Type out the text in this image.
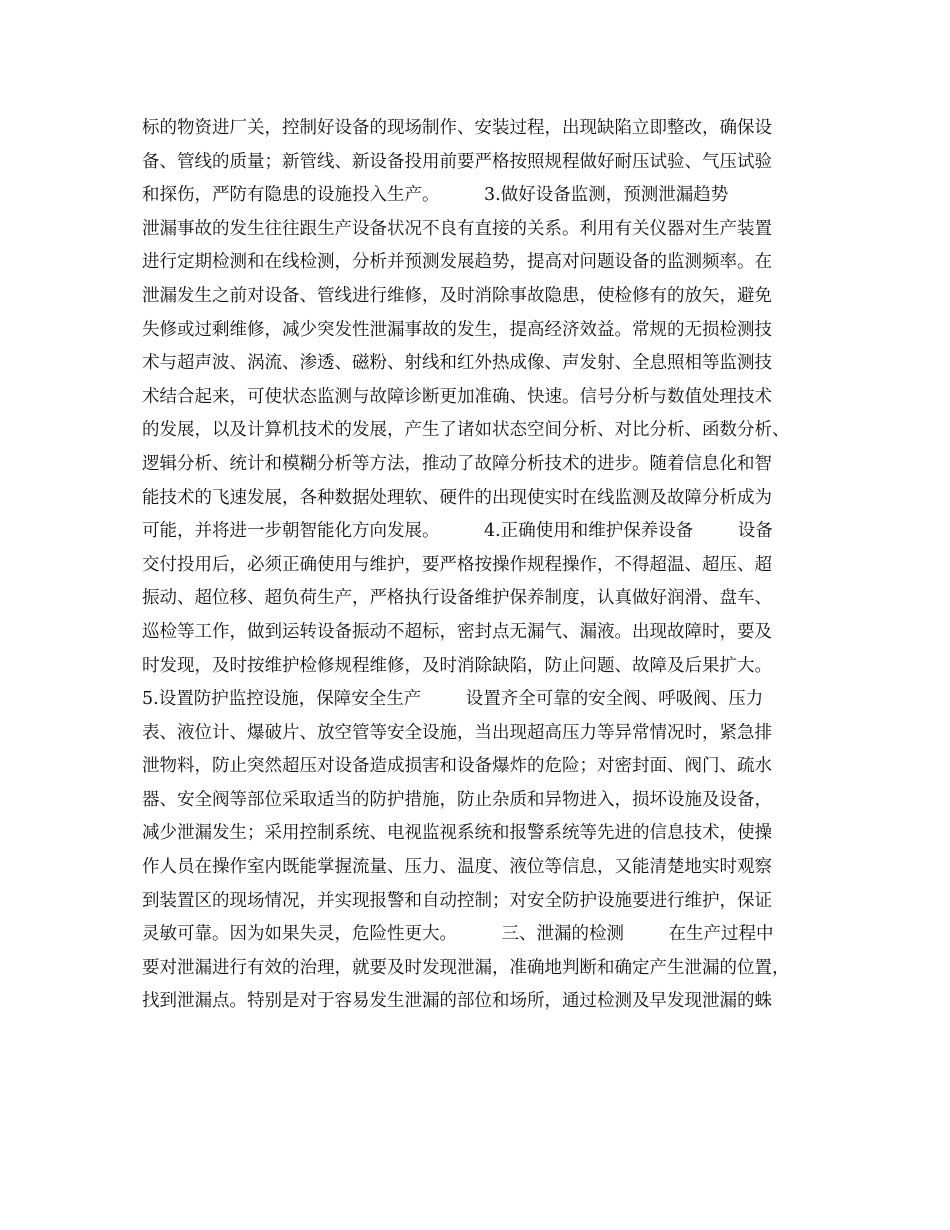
标的物资进厂关，控制好设备的现场制作、安装过程，出现缺陷立即整改，确保设
备、管线的质量；新管线、新设备投用前要严格按照规程做好耐压试验、气压试验
和探伤，严防有隐患的设施投入生产。        3.做好设备监测，预测泄漏趋势
泄漏事故的发生往往跟生产设备状况不良有直接的关系。利用有关仪器对生产装置
进行定期检测和在线检测，分析并预测发展趋势，提高对问题设备的监测频率。在
泄漏发生之前对设备、管线进行维修，及时消除事故隐患，使检修有的放矢，避免
失修或过剩维修，减少突发性泄漏事故的发生，提高经济效益。常规的无损检测技
术与超声波、涡流、渗透、磁粉、射线和红外热成像、声发射、全息照相等监测技
术结合起来，可使状态监测与故障诊断更加准确、快速。信号分析与数值处理技术
的发展，以及计算机技术的发展，产生了诸如状态空间分析、对比分析、函数分析、
逻辑分析、统计和模糊分析等方法，推动了故障分析技术的进步。随着信息化和智
能技术的飞速发展，各种数据处理软、硬件的出现使实时在线监测及故障分析成为
可能，并将进一步朝智能化方向发展。        4.正确使用和维护保养设备        设备
交付投用后，必须正确使用与维护，要严格按操作规程操作，不得超温、超压、超
振动、超位移、超负荷生产，严格执行设备维护保养制度，认真做好润滑、盘车、
巡检等工作，做到运转设备振动不超标，密封点无漏气、漏液。出现故障时，要及
时发现，及时按维护检修规程维修，及时消除缺陷，防止问题、故障及后果扩大。
5.设置防护监控设施，保障安全生产        设置齐全可靠的安全阀、呼吸阀、压力
表、液位计、爆破片、放空管等安全设施，当出现超高压力等异常情况时，紧急排
泄物料，防止突然超压对设备造成损害和设备爆炸的危险；对密封面、阀门、疏水
器、安全阀等部位采取适当的防护措施，防止杂质和异物进入，损坏设施及设备，
减少泄漏发生；采用控制系统、电视监视系统和报警系统等先进的信息技术，使操
作人员在操作室内既能掌握流量、压力、温度、液位等信息，又能清楚地实时观察
到装置区的现场情况，并实现报警和自动控制；对安全防护设施要进行维护，保证
灵敏可靠。因为如果失灵，危险性更大。        三、泄漏的检测        在生产过程中
要对泄漏进行有效的治理，就要及时发现泄漏，准确地判断和确定产生泄漏的位置，
找到泄漏点。特别是对于容易发生泄漏的部位和场所，通过检测及早发现泄漏的蛛
